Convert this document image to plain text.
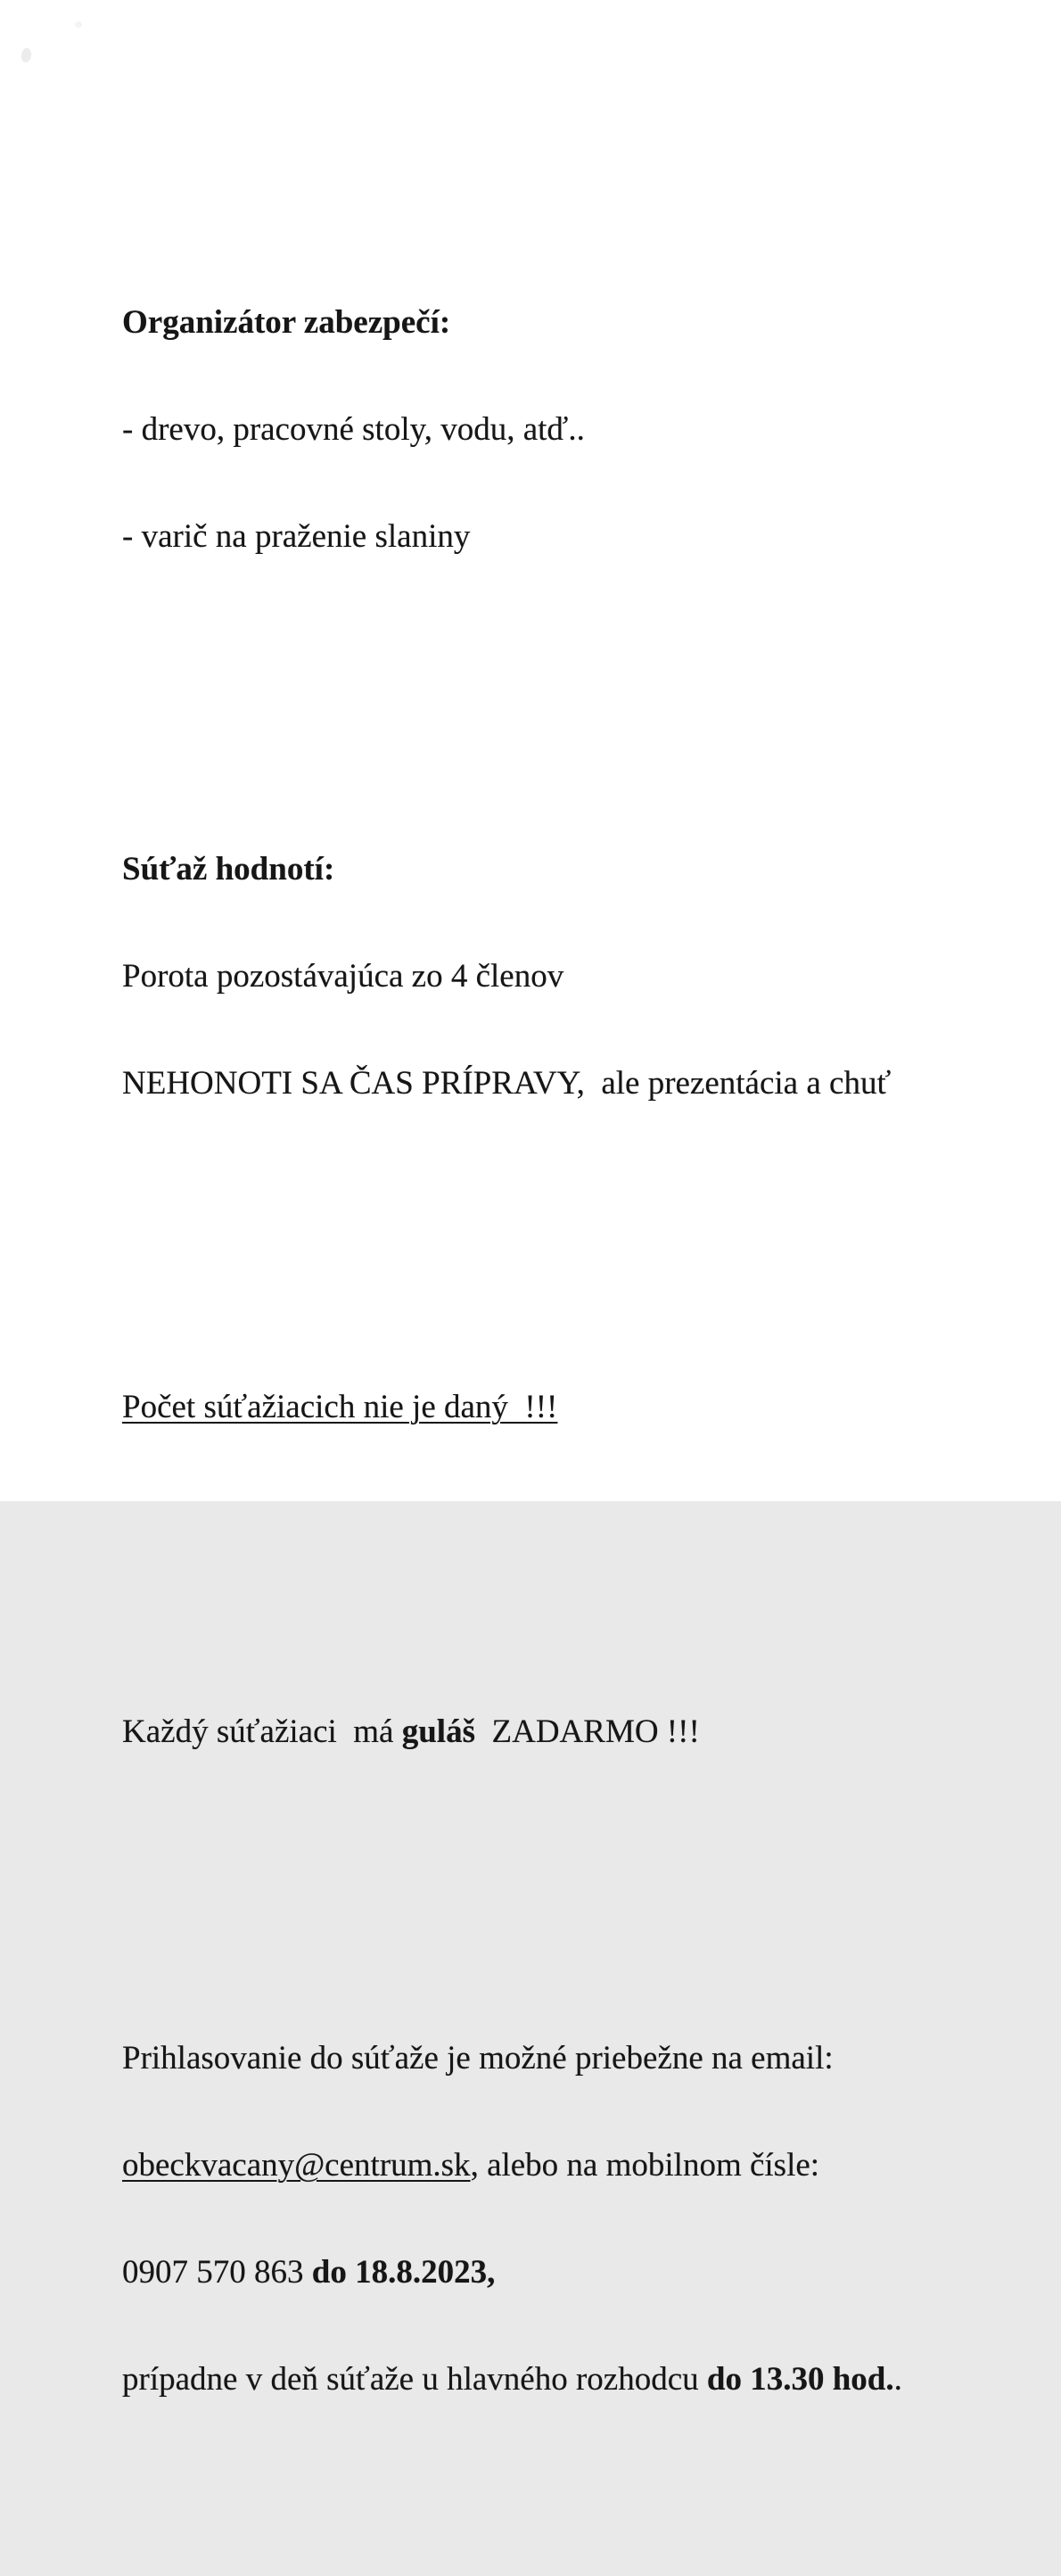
Organizátor zabezpečí:

- drevo, pracovné stoly, vodu, atď..

- varič na praženie slaniny

Súťaž hodnotí:

Porota pozostávajúca zo 4 členov

NEHONOTI SA ČAS PRÍPRAVY,  ale prezentácia a chuť

Počet súťažiacich nie je daný  !!!

Každý súťažiaci  má guláš  ZADARMO !!!

Prihlasovanie do súťaže je možné priebežne na email:

obeckvacany@centrum.sk, alebo na mobilnom čísle:

0907 570 863 do 18.8.2023,

prípadne v deň súťaže u hlavného rozhodcu do 13.30 hod..
